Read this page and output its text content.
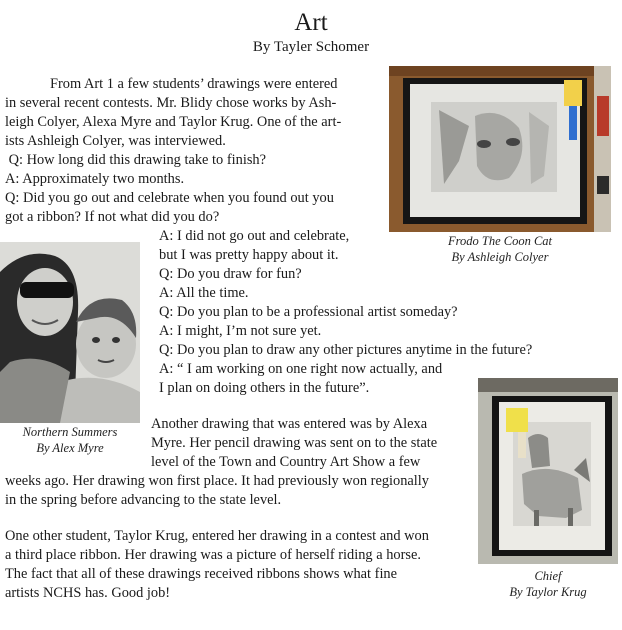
Art
By Tayler Schomer
From Art 1 a few students’ drawings were entered
in several recent contests. Mr. Blidy chose works by Ash-
leigh Colyer, Alexa Myre and Taylor Krug. One of the art-
ists Ashleigh Colyer, was interviewed.
Q: How long did this drawing take to finish?
A: Approximately two months.
Q: Did you go out and celebrate when you found out you
got a ribbon? If not what did you do?
A: I did not go out and celebrate,
but I was pretty happy about it.
Q: Do you draw for fun?
A: All the time.
Q: Do you plan to be a professional artist someday?
A: I might, I’m not sure yet.
Q: Do you plan to draw any other pictures anytime in the future?
A: “ I am working on one right now actually, and
I plan on doing others in the future”.
Another drawing that was entered was by Alexa
Myre. Her pencil drawing was sent on to the state
level of the Town and Country Art Show a few
weeks ago. Her drawing won first place. It had previously won regionally
in the spring before advancing to the state level.
One other student, Taylor Krug, entered her drawing in a contest and won
a third place ribbon. Her drawing was a picture of herself riding a horse.
The fact that all of these drawings received ribbons shows what fine
artists NCHS has. Good job!
Frodo The Coon Cat
By Ashleigh Colyer
Northern Summers
By Alex Myre
Chief
By Taylor Krug
